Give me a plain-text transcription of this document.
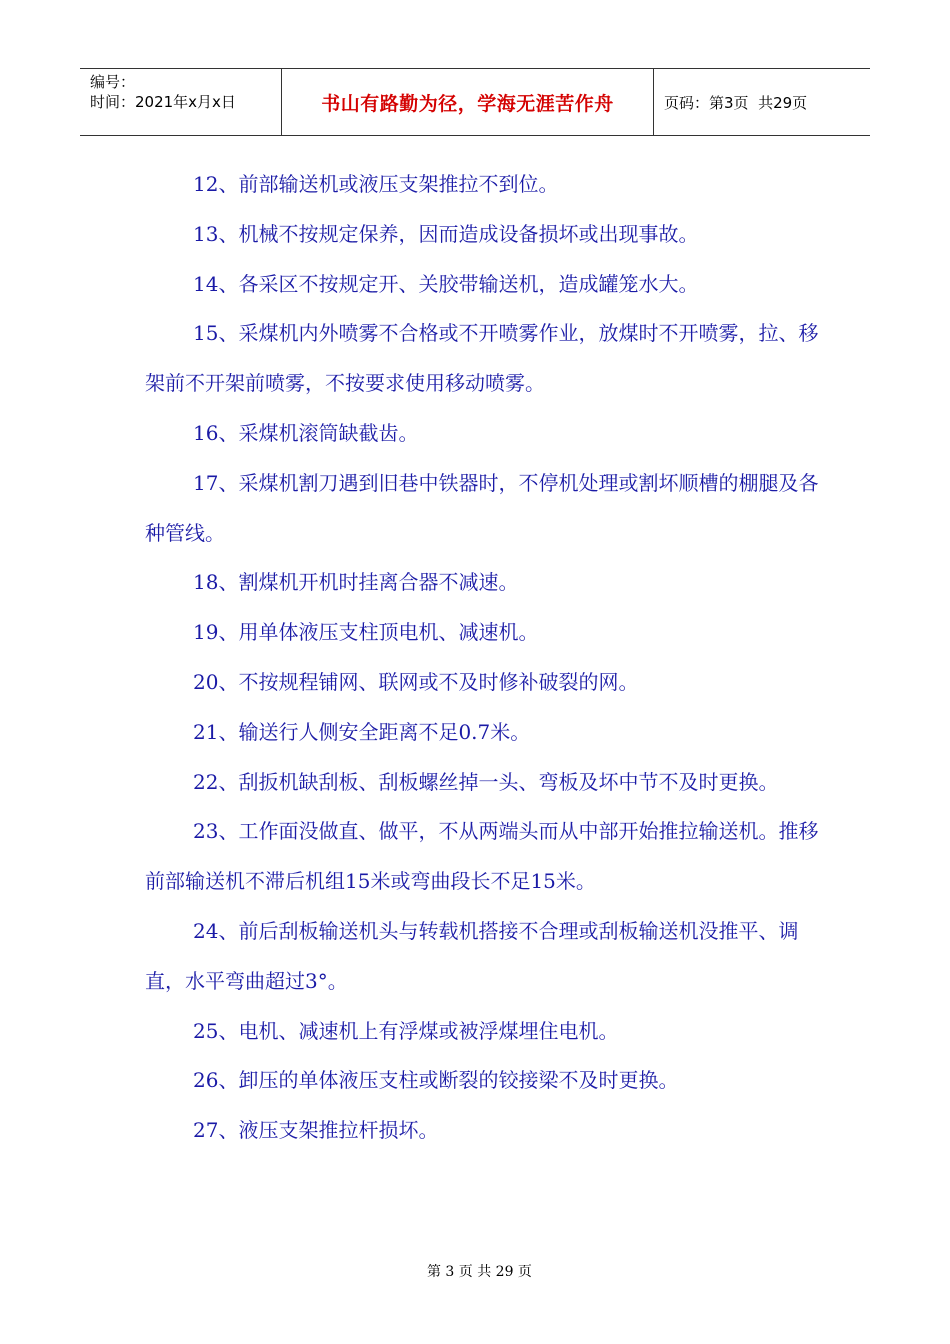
编号：
时间：2021年x月x日	书山有路勤为径，学海无涯苦作舟	页码：第3页  共29页

12、前部输送机或液压支架推拉不到位。

13、机械不按规定保养，因而造成设备损坏或出现事故。

14、各采区不按规定开、关胶带输送机，造成罐笼水大。

15、采煤机内外喷雾不合格或不开喷雾作业，放煤时不开喷雾，拉、移架前不开架前喷雾，不按要求使用移动喷雾。

16、采煤机滚筒缺截齿。

17、采煤机割刀遇到旧巷中铁器时，不停机处理或割坏顺槽的棚腿及各种管线。

18、割煤机开机时挂离合器不减速。

19、用单体液压支柱顶电机、减速机。

20、不按规程铺网、联网或不及时修补破裂的网。

21、输送行人侧安全距离不足0.7米。

22、刮扳机缺刮板、刮板螺丝掉一头、弯板及坏中节不及时更换。

23、工作面没做直、做平，不从两端头而从中部开始推拉输送机。推移前部输送机不滞后机组15米或弯曲段长不足15米。

24、前后刮板输送机头与转载机搭接不合理或刮板输送机没推平、调直，水平弯曲超过3°。

25、电机、减速机上有浮煤或被浮煤埋住电机。

26、卸压的单体液压支柱或断裂的铰接梁不及时更换。

27、液压支架推拉杆损坏。

第 3 页 共 29 页
